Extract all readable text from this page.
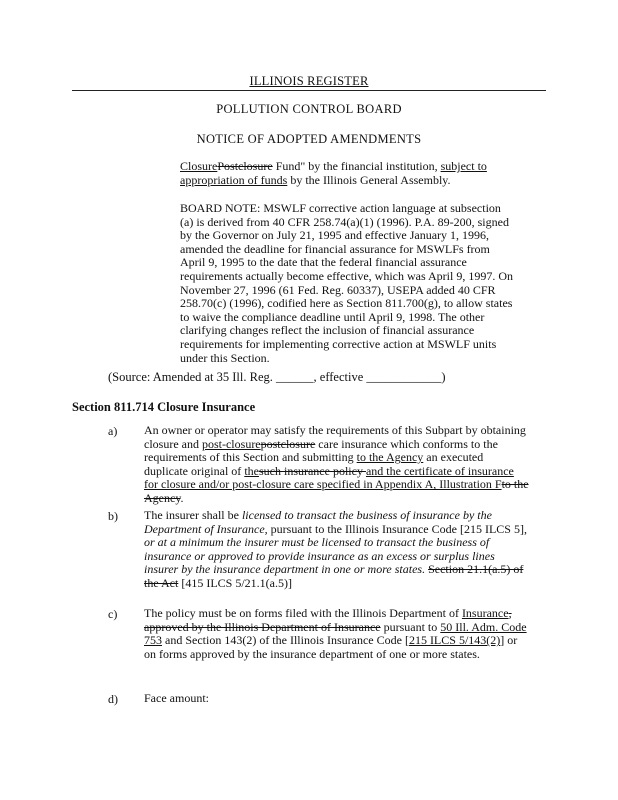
ILLINOIS REGISTER
POLLUTION CONTROL BOARD
NOTICE OF ADOPTED AMENDMENTS
ClosurePostclosure Fund" by the financial institution, subject to appropriation of funds by the Illinois General Assembly.
BOARD NOTE: MSWLF corrective action language at subsection (a) is derived from 40 CFR 258.74(a)(1) (1996). P.A. 89-200, signed by the Governor on July 21, 1995 and effective January 1, 1996, amended the deadline for financial assurance for MSWLFs from April 9, 1995 to the date that the federal financial assurance requirements actually become effective, which was April 9, 1997. On November 27, 1996 (61 Fed. Reg. 60337), USEPA added 40 CFR 258.70(c) (1996), codified here as Section 811.700(g), to allow states to waive the compliance deadline until April 9, 1998. The other clarifying changes reflect the inclusion of financial assurance requirements for implementing corrective action at MSWLF units under this Section.
(Source: Amended at 35 Ill. Reg. ______, effective ____________)
Section 811.714 Closure Insurance
a) An owner or operator may satisfy the requirements of this Subpart by obtaining closure and post-closurepostclosure care insurance which conforms to the requirements of this Section and submitting to the Agency an executed duplicate original of thesuch insurance policy and the certificate of insurance for closure and/or post-closure care specified in Appendix A, Illustration Fto the Agency.
b) The insurer shall be licensed to transact the business of insurance by the Department of Insurance, pursuant to the Illinois Insurance Code [215 ILCS 5], or at a minimum the insurer must be licensed to transact the business of insurance or approved to provide insurance as an excess or surplus lines insurer by the insurance department in one or more states. Section 21.1(a.5) of the Act [415 ILCS 5/21.1(a.5)]
c) The policy must be on forms filed with the Illinois Department of Insurance, approved by the Illinois Department of Insurance pursuant to 50 Ill. Adm. Code 753 and Section 143(2) of the Illinois Insurance Code [215 ILCS 5/143(2)] or on forms approved by the insurance department of one or more states.
d) Face amount:
